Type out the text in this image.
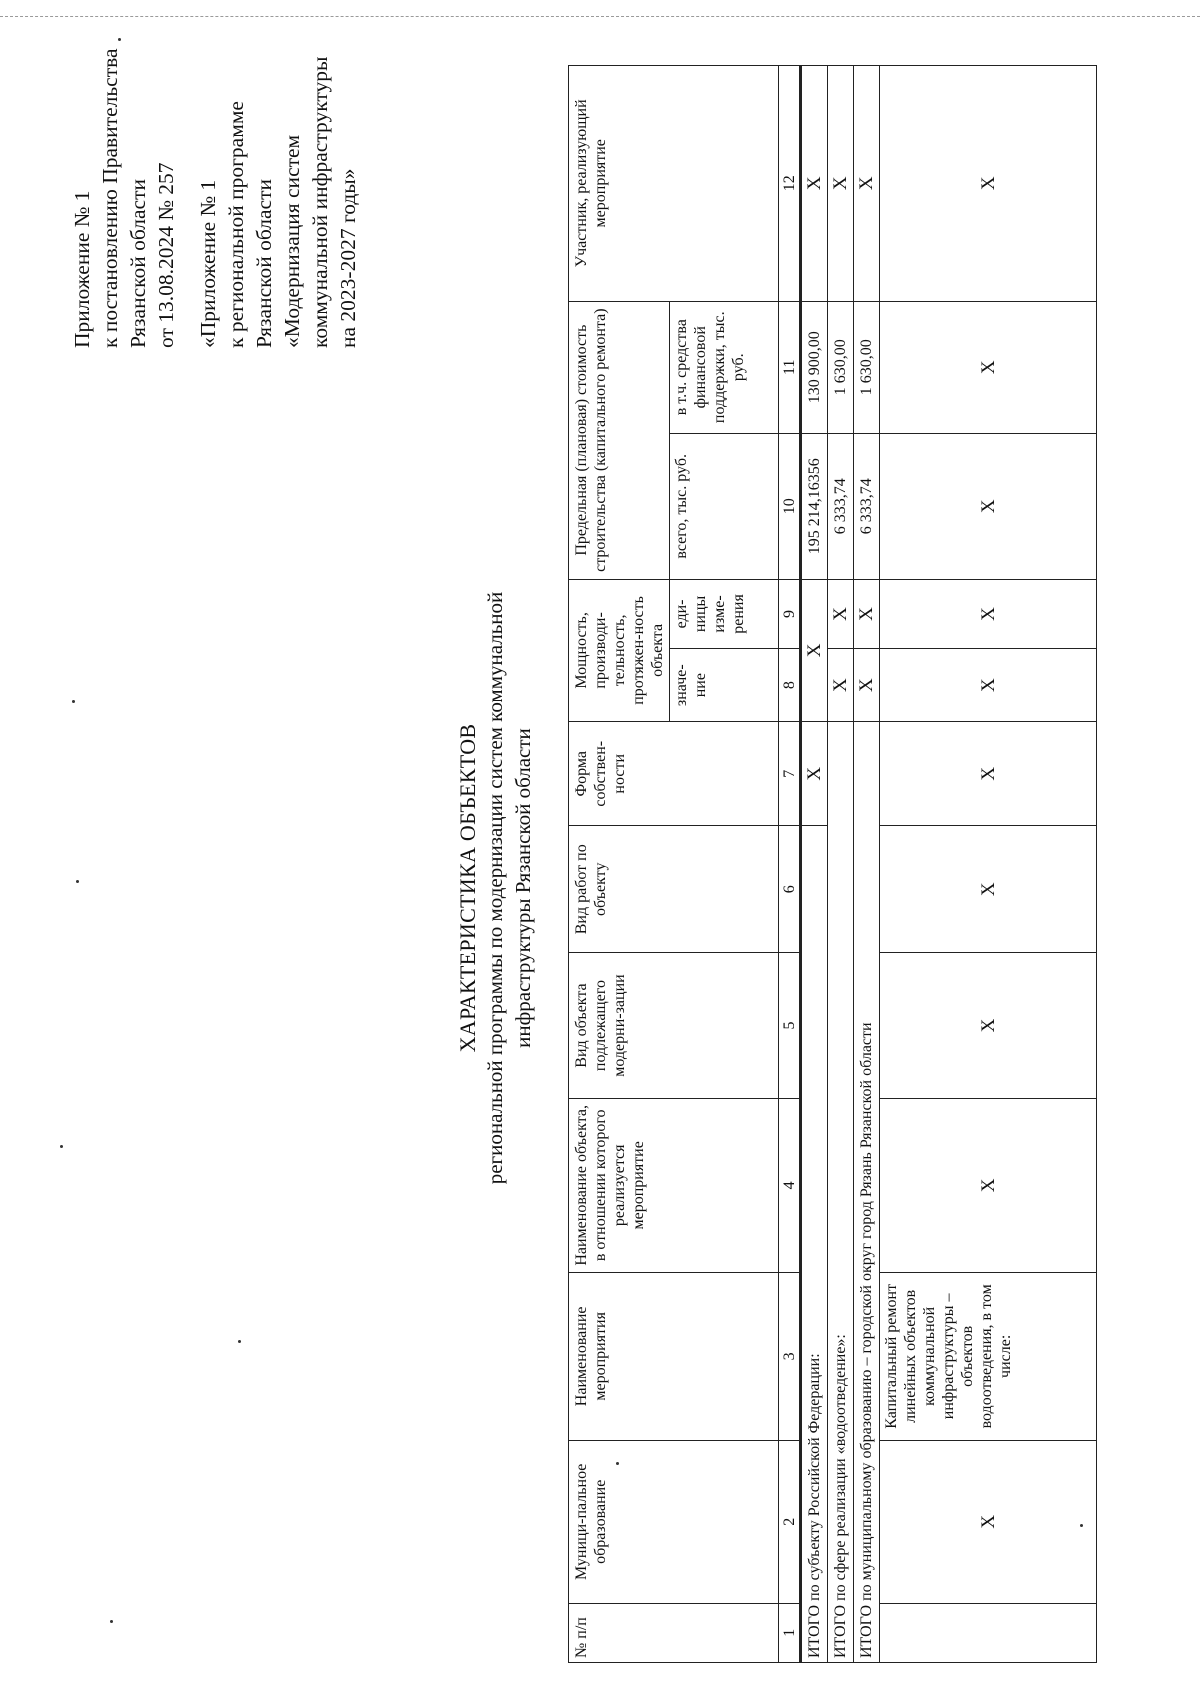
Приложение № 1 к постановлению Правительства Рязанской области от 13.08.2024 № 257 «Приложение № 1 к региональной программе Рязанской области «Модернизация систем коммунальной инфраструктуры на 2023-2027 годы»
ХАРАКТЕРИСТИКА ОБЪЕКТОВ региональной программы по модернизации систем коммунальной инфраструктуры Рязанской области
№ п/п	Муници-пальное образование	Наименование мероприятия	Наименование объекта, в отношении которого реализуется мероприятие	Вид объекта подлежащего модерни-зации	Вид работ по объекту	Форма собствен-ности	Мощность, производи-тельность, протяжен-ность объекта		Предельная (плановая) стоимость строительства (капитального ремонта)		Участник, реализующий мероприятие
							значе-ние	еди-ницы изме-рения	всего, тыс. руб.	в т.ч. средства финансовой поддержки, тыс. руб.	
1	2	3	4	5	6	7	8	9	10	11	12
ИТОГО по субъекту Российской Федерации:						Х	Х		195 214,16356	130 900,00	Х
ИТОГО по сфере реализации «водоотведение»:							Х	Х	6 333,74	1 630,00	Х
ИТОГО по муниципальному образованию – городской округ город Рязань Рязанской области							Х	Х	6 333,74	1 630,00	Х
	Х	Капитальный ремонт линейных объектов коммунальной инфраструктуры – объектов водоотведения, в том числе:	Х	Х	Х	Х	Х	Х	Х	Х	Х
